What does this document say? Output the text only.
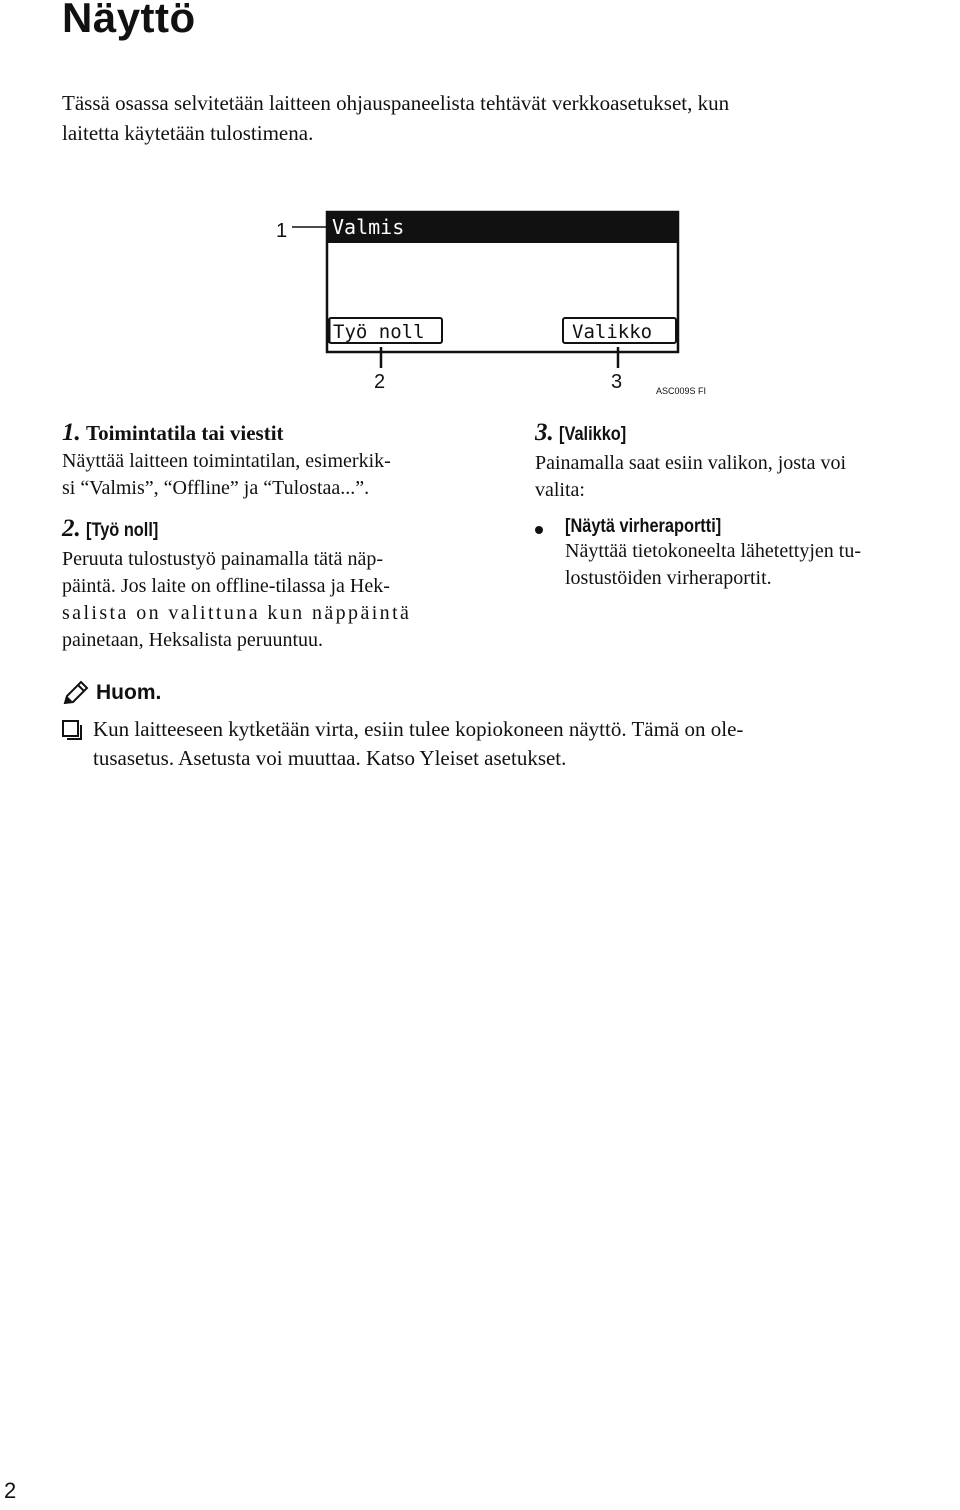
Näyttö

Tässä osassa selvitetään laitteen ohjauspaneelista tehtävät verkkoasetukset, kun

laitetta käytetään tulostimena.

Valmis
1
Työ noll	Valikko
2	3	ASC009S FI
1. Toimintatila tai viestit

Näyttää laitteen toimintatilan, esimerkik-

si “Valmis”, “Offline” ja “Tulostaa...”.

2. [Työ noll]

Peruuta tulostustyö painamalla tätä näp-

päintä. Jos laite on offline-tilassa ja Hek-

salista on valittuna kun näppäintä

painetaan, Heksalista peruuntuu.

3. [Valikko]

Painamalla saat esiin valikon, josta voi

valita:

[Näytä virheraportti]

Näyttää tietokoneelta lähetettyjen tu-

lostustöiden virheraportit.

Huom.

Kun laitteeseen kytketään virta, esiin tulee kopiokoneen näyttö. Tämä on ole-

tusasetus. Asetusta voi muuttaa. Katso Yleiset asetukset.

2
